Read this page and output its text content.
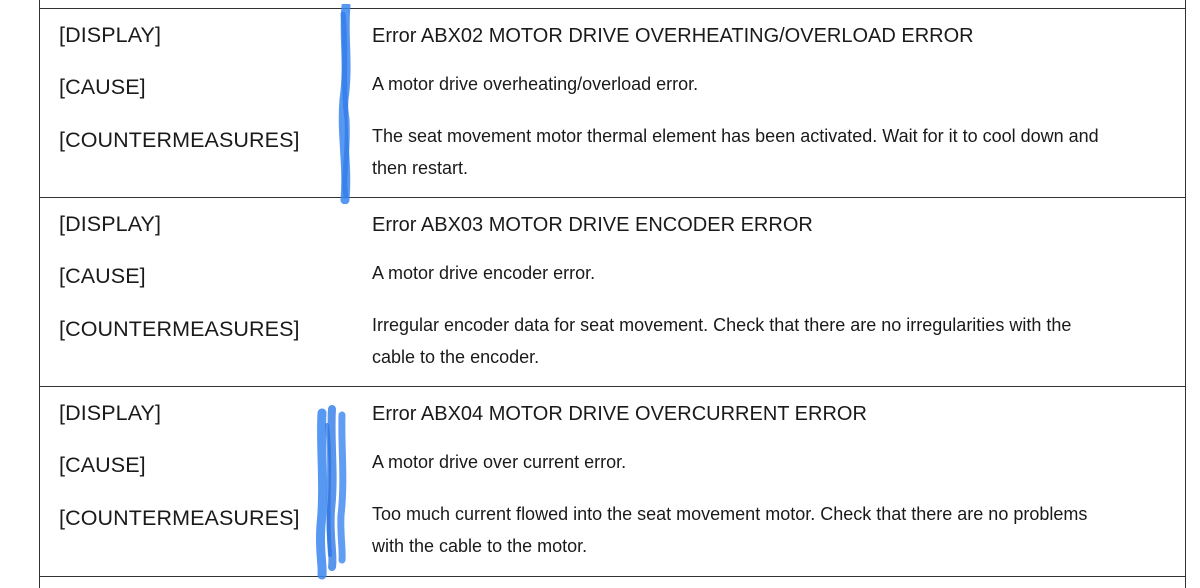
[DISPLAY]
[CAUSE]
[COUNTERMEASURES]
Error ABX02 MOTOR DRIVE OVERHEATING/OVERLOAD ERROR
A motor drive overheating/overload error.
The seat movement motor thermal element has been activated. Wait for it to cool down and then restart.
[DISPLAY]
[CAUSE]
[COUNTERMEASURES]
Error ABX03 MOTOR DRIVE ENCODER ERROR
A motor drive encoder error.
Irregular encoder data for seat movement. Check that there are no irregularities with the cable to the encoder.
[DISPLAY]
[CAUSE]
[COUNTERMEASURES]
Error ABX04 MOTOR DRIVE OVERCURRENT ERROR
A motor drive over current error.
Too much current flowed into the seat movement motor. Check that there are no problems with the cable to the motor.
